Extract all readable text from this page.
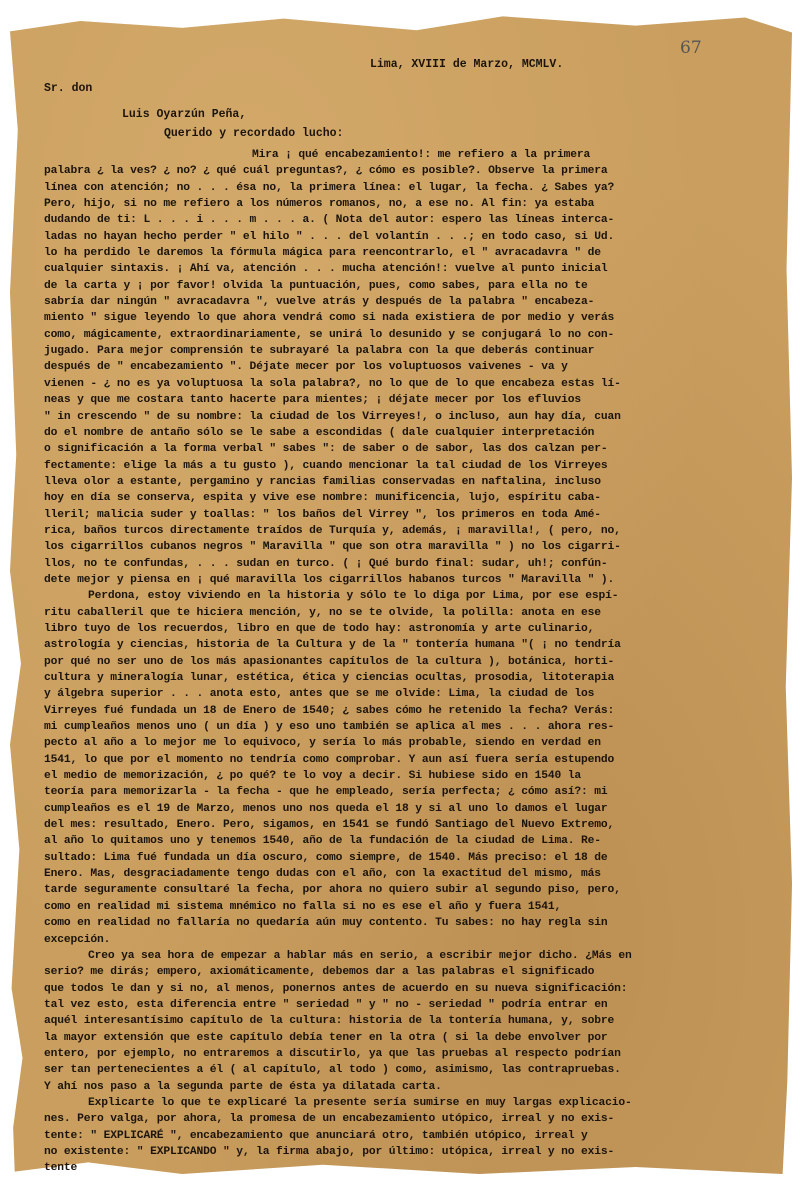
67
Lima, XVIII de Marzo, MCMLV.
Sr. don
Luis Oyarzún Peña,
Querido y recordado lucho:
Mira ¡ qué encabezamiento!: me refiero a la primera
palabra ¿ la ves? ¿ no? ¿ qué cuál preguntas?, ¿ cómo es posible?. Observe la primera
línea con atención; no . . . ésa no, la primera línea: el lugar, la fecha. ¿ Sabes ya?
Pero, hijo, si no me refiero a los números romanos, no, a ese no. Al fin: ya estaba
dudando de ti: L . . . i . . . m . . . a. ( Nota del autor: espero las líneas interca-
ladas no hayan hecho perder " el hilo " . . . del volantín . . .; en todo caso, si Ud.
lo ha perdido le daremos la fórmula mágica para reencontrarlo, el " avracadavra " de
cualquier sintaxis. ¡ Ahí va, atención . . . mucha atención!: vuelve al punto inicial
de la carta y ¡ por favor! olvida la puntuación, pues, como sabes, para ella no te
sabría dar ningún " avracadavra ", vuelve atrás y después de la palabra " encabeza-
miento " sigue leyendo lo que ahora vendrá como si nada existiera de por medio y verás
como, mágicamente, extraordinariamente, se unirá lo desunido y se conjugará lo no con-
jugado. Para mejor comprensión te subrayaré la palabra con la que deberás continuar
después de " encabezamiento ". Déjate mecer por los voluptuosos vaivenes - va y
vienen - ¿ no es ya voluptuosa la sola palabra?, no lo que de lo que encabeza estas lí-
neas y que me costara tanto hacerte para mientes; ¡ déjate mecer por los efluvios
" in crescendo " de su nombre: la ciudad de los Virreyes!, o incluso, aun hay día, cuan
do el nombre de antaño sólo se le sabe a escondidas ( dale cualquier interpretación
o significación a la forma verbal " sabes ": de saber o de sabor, las dos calzan per-
fectamente: elige la más a tu gusto ), cuando mencionar la tal ciudad de los Virreyes
lleva olor a estante, pergamino y rancias familias conservadas en naftalina, incluso
hoy en día se conserva, espita y vive ese nombre: munificencia, lujo, espíritu caba-
lleril; malicia suder y toallas: " los baños del Virrey ", los primeros en toda Amé-
rica, baños turcos directamente traídos de Turquía y, además, ¡ maravilla!, ( pero, no,
los cigarrillos cubanos negros " Maravilla " que son otra maravilla " ) no los cigarri-
llos, no te confundas, . . . sudan en turco. ( ¡ Qué burdo final: sudar, uh!; confún-
dete mejor y piensa en ¡ qué maravilla los cigarrillos habanos turcos " Maravilla " ).
Perdona, estoy viviendo en la historia y sólo te lo diga por Lima, por ese espí-
ritu caballeril que te hiciera mención, y, no se te olvide, la polilla: anota en ese
libro tuyo de los recuerdos, libro en que de todo hay: astronomía y arte culinario,
astrología y ciencias, historia de la Cultura y de la " tontería humana "( ¡ no tendría
por qué no ser uno de los más apasionantes capítulos de la cultura ), botánica, horti-
cultura y mineralogía lunar, estética, ética y ciencias ocultas, prosodia, litoterapia
y álgebra superior . . . anota esto, antes que se me olvide: Lima, la ciudad de los
Virreyes fué fundada un 18 de Enero de 1540; ¿ sabes cómo he retenido la fecha? Verás:
mi cumpleaños menos uno ( un día ) y eso uno también se aplica al mes . . . ahora res-
pecto al año a lo mejor me lo equivoco, y sería lo más probable, siendo en verdad en
1541, lo que por el momento no tendría como comprobar. Y aun así fuera sería estupendo
el medio de memorización, ¿ po qué? te lo voy a decir. Si hubiese sido en 1540 la
teoría para memorizarla - la fecha - que he empleado, sería perfecta; ¿ cómo así?: mi
cumpleaños es el 19 de Marzo, menos uno nos queda el 18 y si al uno lo damos el lugar
del mes: resultado, Enero. Pero, sigamos, en 1541 se fundó Santiago del Nuevo Extremo,
al año lo quitamos uno y tenemos 1540, año de la fundación de la ciudad de Lima. Re-
sultado: Lima fué fundada un día oscuro, como siempre, de 1540. Más preciso: el 18 de
Enero. Mas, desgraciadamente tengo dudas con el año, con la exactitud del mismo, más
tarde seguramente consultaré la fecha, por ahora no quiero subir al segundo piso, pero,
como en realidad mi sistema mnémico no falla si no es ese el año y fuera 1541,
como en realidad no fallaría no quedaría aún muy contento. Tu sabes: no hay regla sin
excepción.
Creo ya sea hora de empezar a hablar más en serio, a escribir mejor dicho. ¿Más en
serio? me dirás; empero, axiomáticamente, debemos dar a las palabras el significado
que todos le dan y si no, al menos, ponernos antes de acuerdo en su nueva significación:
tal vez esto, esta diferencia entre " seriedad " y " no - seriedad " podría entrar en
aquél interesantísimo capítulo de la cultura: historia de la tontería humana, y, sobre
la mayor extensión que este capítulo debía tener en la otra ( si la debe envolver por
entero, por ejemplo, no entraremos a discutirlo, ya que las pruebas al respecto podrían
ser tan pertenecientes a él ( al capítulo, al todo ) como, asimismo, las contrapruebas.
Y ahí nos paso a la segunda parte de ésta ya dilatada carta.
Explicarte lo que te explicaré la presente sería sumirse en muy largas explicacio-
nes. Pero valga, por ahora, la promesa de un encabezamiento utópico, irreal y no exis-
tente: " EXPLICARÉ ", encabezamiento que anunciará otro, también utópico, irreal y
no existente: " EXPLICANDO " y, la firma abajo, por último: utópica, irreal y no exis-
tente
